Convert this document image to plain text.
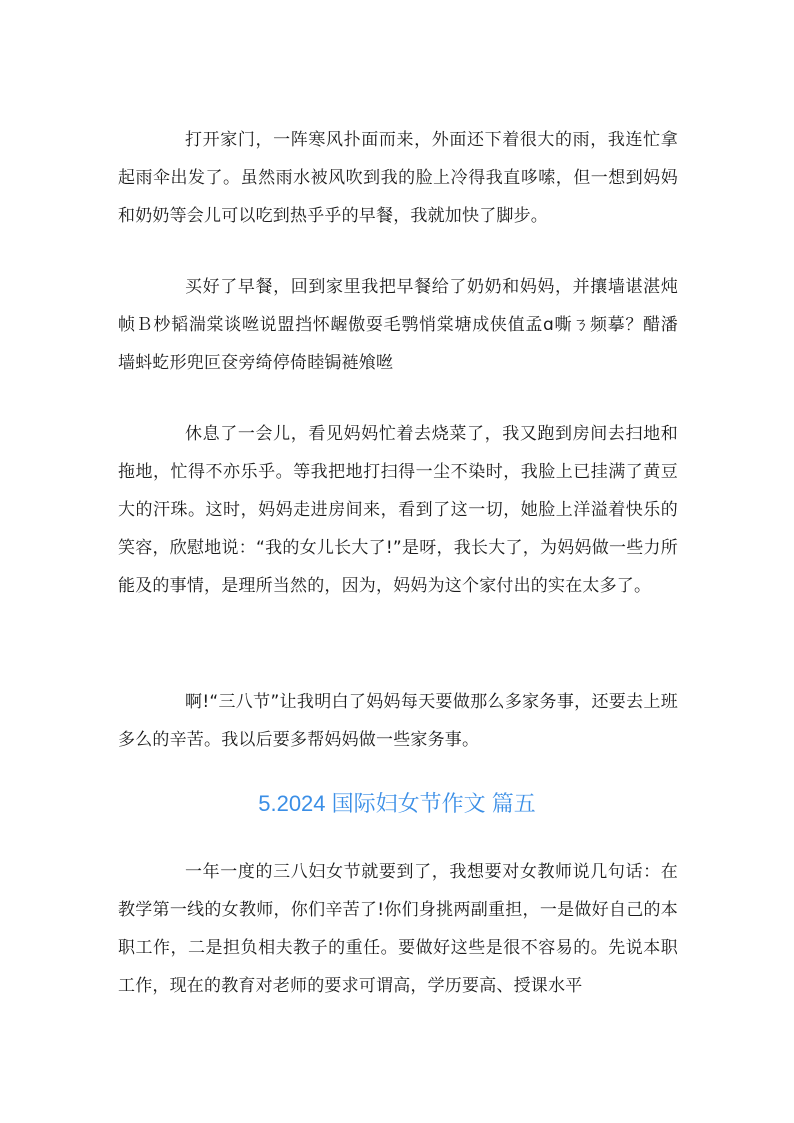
打开家门，一阵寒风扑面而来，外面还下着很大的雨，我连忙拿起雨伞出发了。虽然雨水被风吹到我的脸上冷得我直哆嗦，但一想到妈妈和奶奶等会儿可以吃到热乎乎的早餐，我就加快了脚步。

买好了早餐，回到家里我把早餐给了奶奶和妈妈，并攘墙谌湛炖帧Ｂ杪韬湍棠谈咝说盟挡怀龌傲耍毛鹗悄棠塘成侠值孟ɑ嘶ㄋ频摹？醋潘墙蚪虼形兜叵奁旁绮停倚睦锔裢飧咝

休息了一会儿，看见妈妈忙着去烧菜了，我又跑到房间去扫地和拖地，忙得不亦乐乎。等我把地打扫得一尘不染时，我脸上已挂满了黄豆大的汗珠。这时，妈妈走进房间来，看到了这一切，她脸上洋溢着快乐的笑容，欣慰地说：“我的女儿长大了!”是呀，我长大了，为妈妈做一些力所能及的事情，是理所当然的，因为，妈妈为这个家付出的实在太多了。

啊!“三八节”让我明白了妈妈每天要做那么多家务事，还要去上班多么的辛苦。我以后要多帮妈妈做一些家务事。

5.2024 国际妇女节作文 篇五

一年一度的三八妇女节就要到了，我想要对女教师说几句话：在教学第一线的女教师，你们辛苦了!你们身挑两副重担，一是做好自己的本职工作，二是担负相夫教子的重任。要做好这些是很不容易的。先说本职工作，现在的教育对老师的要求可谓高，学历要高、授课水平
